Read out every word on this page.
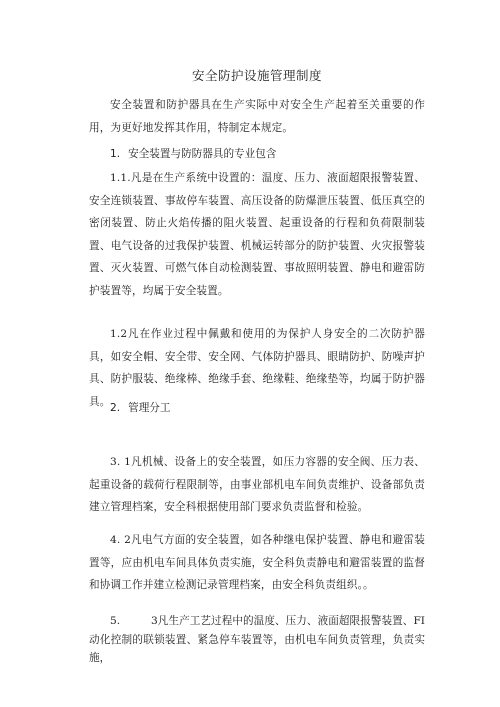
安全防护设施管理制度
安全装置和防护器具在生产实际中对安全生产起着至关重要的作用，为更好地发挥其作用，特制定本规定。
1. 安全装置与防防器具的专业包含
1.1.凡是在生产系统中设置的：温度、压力、液面超限报警装置、安全连锁装置、事故停车装置、高压设备的防爆泄压装置、低压真空的密闭装置、防止火焰传播的阻火装置、起重设备的行程和负荷限制装置、电气设备的过我保护装置、机械运转部分的防护装置、火灾报警装置、灭火装置、可燃气体自动检测装置、事故照明装置、静电和避雷防护装置等，均属于安全装置。
1.2凡在作业过程中佩戴和使用的为保护人身安全的二次防护器具，如安全帽、安全带、安全网、气体防护器具、眼睛防护、防噪声护具、防护服装、绝缘棒、绝缘手套、绝缘鞋、绝缘垫等，均属于防护器具。
2. 管理分工
3. 1凡机械、设备上的安全装置，如压力容器的安全阀、压力表、起重设备的载荷行程限制等，由事业部机电车间负责维护、设备部负责建立管理档案，安全科根据使用部门要求负责监督和检验。
4. 2凡电气方面的安全装置，如各种继电保护装置、静电和避雷装置等，应由机电车间具体负责实施，安全科负责静电和避雷装置的监督和协调工作并建立检测记录管理档案，由安全科负责组织。。
5.	3凡生产工艺过程中的温度、压力、液面超限报警装置、FI动化控制的联锁装置、紧急停车装置等，由机电车间负责管理，负责实施，
